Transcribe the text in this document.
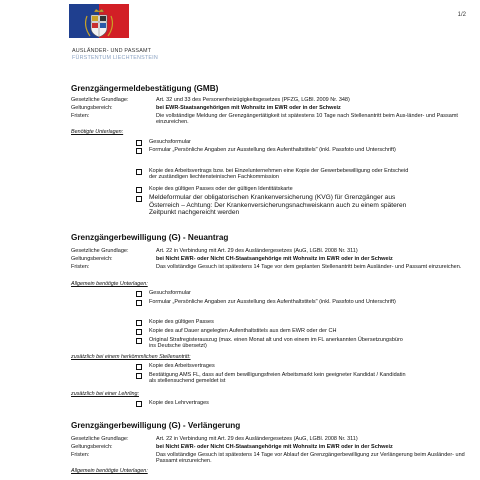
1/2
AUSLÄNDER- UND PASSAMT
FÜRSTENTUM LIECHTENSTEIN
Grenzgängermeldebestätigung (GMB)
Gesetzliche Grundlage:	Art. 32 und 33 des Personenfreizügigkeitsgesetzes (PFZG, LGBl. 2009 Nr. 348)
Geltungsbereich:	bei EWR-Staatsangehörigen mit Wohnsitz im EWR oder in der Schweiz
Fristen:	Die vollständige Meldung der Grenzgängertätigkeit ist spätestens 10 Tage nach Stellenantritt beim Aus-länder- und Passamt einzureichen.
Benötigte Unterlagen:
Gesuchsformular
Formular „Persönliche Angaben zur Ausstellung des Aufenthaltstitels" (inkl. Passfoto und Unterschrift)
Kopie des Arbeitsvertrags bzw. bei Einzelunternehmen eine Kopie der Gewerbebewilligung oder Entscheid der zuständigen liechtensteinischen Fachkommission
Kopie des gültigen Passes oder der gültigen Identitätskarte
Meldeformular der obligatorischen Krankenversicherung (KVG) für Grenzgänger aus Österreich – Achtung: Der Krankenversicherungsnachweiskann auch zu einem späteren Zeitpunkt nachgereicht werden
Grenzgängerbewilligung (G) - Neuantrag
Gesetzliche Grundlage:	Art. 22 in Verbindung mit Art. 29 des Ausländergesetzes (AuG, LGBl. 2008 Nr. 311)
Geltungsbereich:	bei Nicht EWR- oder Nicht CH-Staatsangehörige mit Wohnsitz im EWR oder in der Schweiz
Fristen:	Das vollständige Gesuch ist spätestens 14 Tage vor dem geplanten Stellenantritt beim Ausländer- und Passamt einzureichen.
Allgemein benötigte Unterlagen:
Gesuchsformular
Formular „Persönliche Angaben zur Ausstellung des Aufenthaltstitels" (inkl. Passfoto und Unterschrift)
Kopie des gültigen Passes
Kopie des auf Dauer angelegten Aufenthaltstitels aus dem EWR oder der CH
Original Strafregisterauszug (max. einen Monat alt und von einem im FL anerkannten Übersetzungsbüro ins Deutsche übersetzt)
zusätzlich bei einem herkömmlichen Stellenantritt:
Kopie des Arbeitsvertrages
Bestätigung AMS FL, dass auf dem bewilligungsfreien Arbeitsmarkt kein geeigneter Kandidat / Kandidatin als stellensuchend gemeldet ist
zusätzlich bei einer Lehrling:
Kopie des Lehrvertrages
Grenzgängerbewilligung (G) - Verlängerung
Gesetzliche Grundlage:	Art. 22 in Verbindung mit Art. 29 des Ausländergesetzes (AuG, LGBl. 2008 Nr. 311)
Geltungsbereich:	bei Nicht EWR- oder Nicht CH-Staatsangehörige mit Wohnsitz im EWR oder in der Schweiz
Fristen:	Das vollständige Gesuch ist spätestens 14 Tage vor Ablauf der Grenzgängerbewilligung zur Verlängerung beim Ausländer- und Passamt einzureichen.
Allgemein benötigte Unterlagen:
